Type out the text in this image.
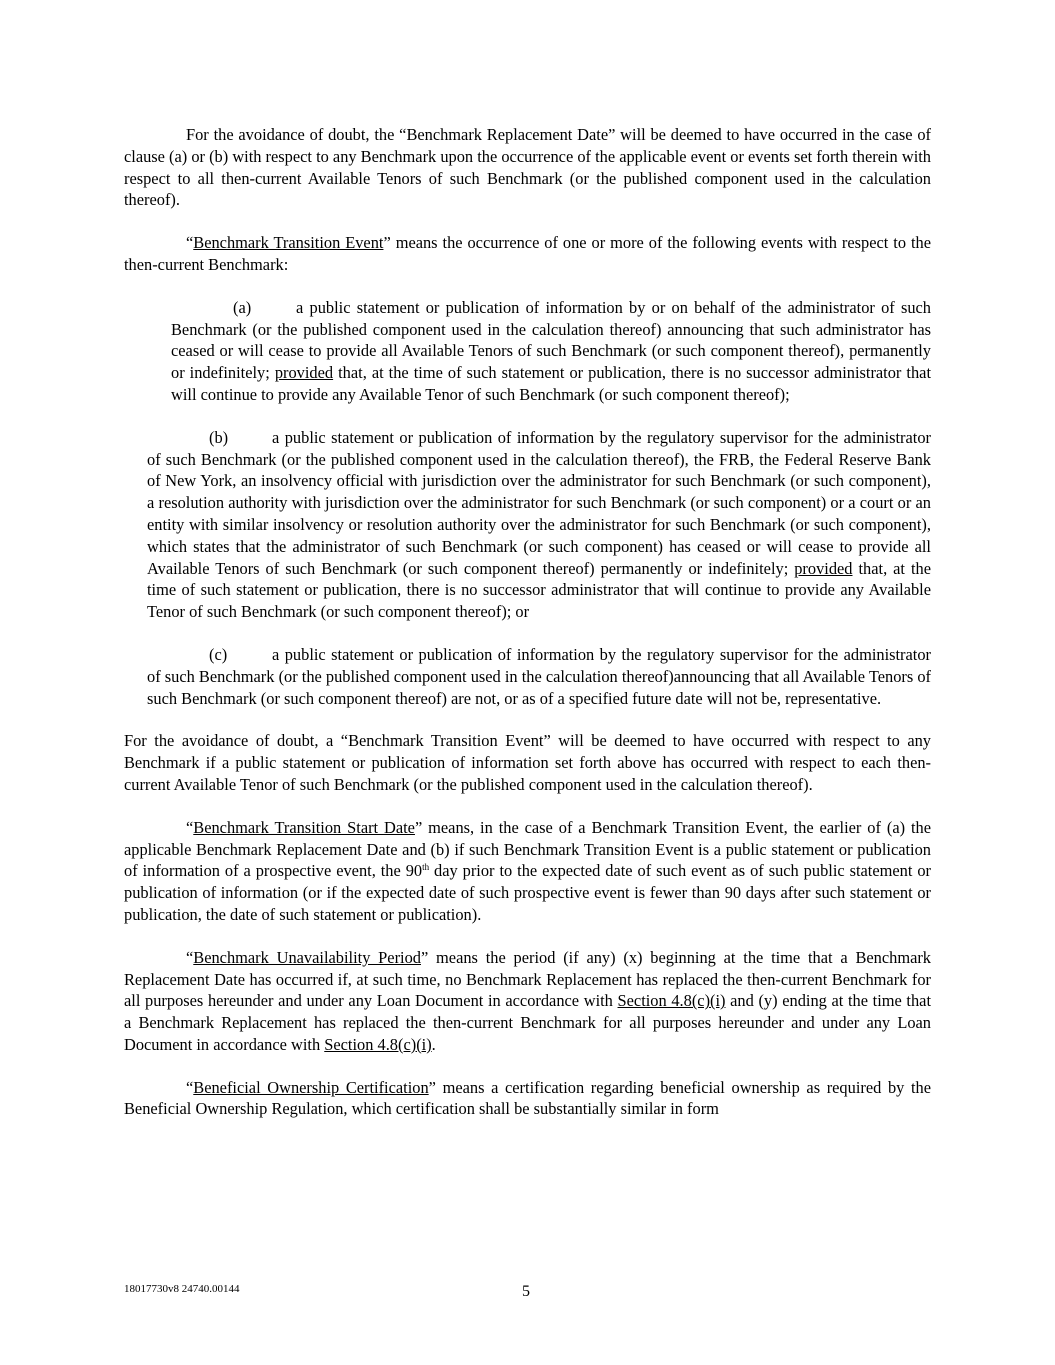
For the avoidance of doubt, the “Benchmark Replacement Date” will be deemed to have occurred in the case of clause (a) or (b) with respect to any Benchmark upon the occurrence of the applicable event or events set forth therein with respect to all then-current Available Tenors of such Benchmark (or the published component used in the calculation thereof).

“Benchmark Transition Event” means the occurrence of one or more of the following events with respect to the then-current Benchmark:

(a)	a public statement or publication of information by or on behalf of the administrator of such Benchmark (or the published component used in the calculation thereof) announcing that such administrator has ceased or will cease to provide all Available Tenors of such Benchmark (or such component thereof), permanently or indefinitely; provided that, at the time of such statement or publication, there is no successor administrator that will continue to provide any Available Tenor of such Benchmark (or such component thereof);

(b)	a public statement or publication of information by the regulatory supervisor for the administrator of such Benchmark (or the published component used in the calculation thereof), the FRB, the Federal Reserve Bank of New York, an insolvency official with jurisdiction over the administrator for such Benchmark (or such component), a resolution authority with jurisdiction over the administrator for such Benchmark (or such component) or a court or an entity with similar insolvency or resolution authority over the administrator for such Benchmark (or such component), which states that the administrator of such Benchmark (or such component) has ceased or will cease to provide all Available Tenors of such Benchmark (or such component thereof) permanently or indefinitely; provided that, at the time of such statement or publication, there is no successor administrator that will continue to provide any Available Tenor of such Benchmark (or such component thereof); or

(c)	a public statement or publication of information by the regulatory supervisor for the administrator of such Benchmark (or the published component used in the calculation thereof)announcing that all Available Tenors of such Benchmark (or such component thereof) are not, or as of a specified future date will not be, representative.

For the avoidance of doubt, a “Benchmark Transition Event” will be deemed to have occurred with respect to any Benchmark if a public statement or publication of information set forth above has occurred with respect to each then-current Available Tenor of such Benchmark (or the published component used in the calculation thereof).

“Benchmark Transition Start Date” means, in the case of a Benchmark Transition Event, the earlier of (a) the applicable Benchmark Replacement Date and (b) if such Benchmark Transition Event is a public statement or publication of information of a prospective event, the 90th day prior to the expected date of such event as of such public statement or publication of information (or if the expected date of such prospective event is fewer than 90 days after such statement or publication, the date of such statement or publication).

“Benchmark Unavailability Period” means the period (if any) (x) beginning at the time that a Benchmark Replacement Date has occurred if, at such time, no Benchmark Replacement has replaced the then-current Benchmark for all purposes hereunder and under any Loan Document in accordance with Section 4.8(c)(i) and (y) ending at the time that a Benchmark Replacement has replaced the then-current Benchmark for all purposes hereunder and under any Loan Document in accordance with Section 4.8(c)(i).

“Beneficial Ownership Certification” means a certification regarding beneficial ownership as required by the Beneficial Ownership Regulation, which certification shall be substantially similar in form

18017730v8 24740.00144	5
